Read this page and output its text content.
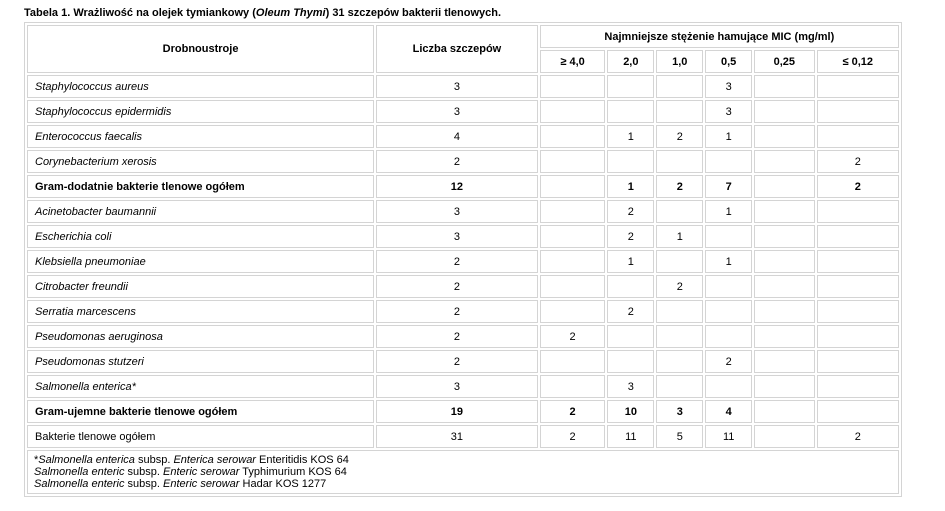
Tabela 1. Wrażliwość na olejek tymiankowy (Oleum Thymi) 31 szczepów bakterii tlenowych.
Drobnoustroje	Liczba szczepów	Najmniejsze stężenie hamujące MIC (mg/ml)					
		≥ 4,0	2,0	1,0	0,5	0,25	≤ 0,12
Staphylococcus aureus	3				3		
Staphylococcus epidermidis	3				3		
Enterococcus faecalis	4		1	2	1		
Corynebacterium xerosis	2						2
Gram-dodatnie bakterie tlenowe ogółem	12		1	2	7		2
Acinetobacter baumannii	3		2		1		
Escherichia coli	3		2	1			
Klebsiella pneumoniae	2		1		1		
Citrobacter freundii	2			2			
Serratia marcescens	2		2				
Pseudomonas aeruginosa	2	2					
Pseudomonas stutzeri	2				2		
Salmonella enterica*	3		3				
Gram-ujemne bakterie tlenowe ogółem	19	2	10	3	4		
Bakterie tlenowe ogółem	31	2	11	5	11		2

*Salmonella enterica subsp. Enterica serowar Enteritidis KOS 64
Salmonella enteric subsp. Enteric serowar Typhimurium KOS 64
Salmonella enteric subsp. Enteric serowar Hadar KOS 1277							
